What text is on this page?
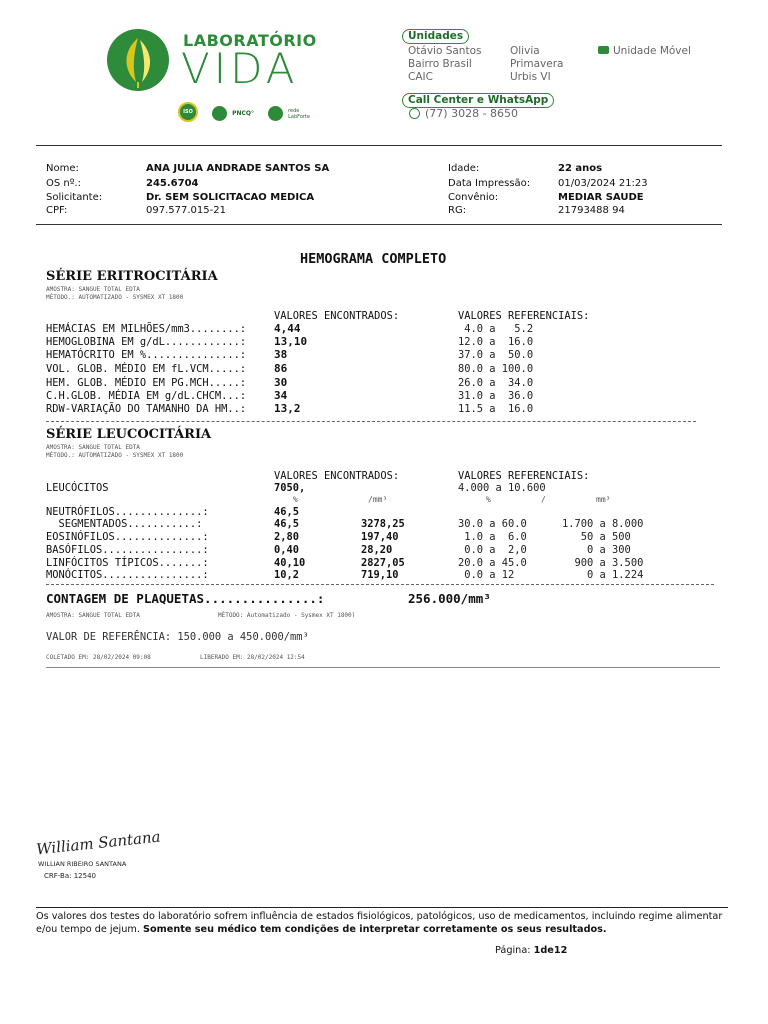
LABORATÓRIO
VIDA
ISO	PNCQ°	rede LabForte
Unidades
Otávio Santos
Bairro Brasil
CAIC
Olivia
Primavera
Urbis VI
Unidade Móvel
Call Center e WhatsApp
(77) 3028 - 8650
Nome:	ANA JULIA ANDRADE SANTOS SA
OS nº.:	245.6704
Solicitante:	Dr. SEM SOLICITACAO MEDICA
CPF:	097.577.015-21
Idade:	22 anos
Data Impressão:	01/03/2024 21:23
Convênio:	MEDIAR SAUDE
RG:	21793488 94
HEMOGRAMA COMPLETO
SÉRIE ERITROCITÁRIA
AMOSTRA: SANGUE TOTAL EDTA
MÉTODO.: AUTOMATIZADO - SYSMEX XT 1800
VALORES ENCONTRADOS:	VALORES REFERENCIAIS:
HEMÁCIAS EM MILHÕES/mm3........:	4,44	4.0 a   5.2
HEMOGLOBINA EM g/dL............:	13,10	12.0 a  16.0
HEMATÓCRITO EM %...............:	38	37.0 a  50.0
VOL. GLOB. MÉDIO EM fL.VCM.....:	86	80.0 a 100.0
HEM. GLOB. MÉDIO EM PG.MCH.....:	30	26.0 a  34.0
C.H.GLOB. MÉDIA EM g/dL.CHCM...:	34	31.0 a  36.0
RDW-VARIAÇÃO DO TAMANHO DA HM..:	13,2	11.5 a  16.0
SÉRIE LEUCOCITÁRIA
AMOSTRA: SANGUE TOTAL EDTA
MÉTODO.: AUTOMATIZADO - SYSMEX XT 1800
VALORES ENCONTRADOS:	VALORES REFERENCIAIS:
LEUCÓCITOS	7050,	4.000 a 10.600
%	/mm³	%	/	mm³
NEUTRÓFILOS..............:	46,5
SEGMENTADOS...........:	46,5	3278,25	30.0 a 60.0	1.700 a 8.000
EOSINÓFILOS..............:	2,80	197,40	1.0 a  6.0	50 a 500
BASÓFILOS................:	0,40	28,20	0.0 a  2,0	0 a 300
LINFÓCITOS TÍPICOS.......:	40,10	2827,05	20.0 a 45.0	900 a 3.500
MONÓCITOS................:	10,2	719,10	0.0 a 12	0 a 1.224
CONTAGEM DE PLAQUETAS...............:	256.000/mm³
AMOSTRA: SANGUE TOTAL EDTA	MÉTODO: Automatizado - Sysmex XT 1800)
VALOR DE REFERÊNCIA: 150.000 a 450.000/mm³
COLETADO EM: 28/02/2024 09:08	LIBERADO EM: 28/02/2024 12:54
William Santana
WILLIAN RIBEIRO SANTANA
CRF-Ba: 12540
Os valores dos testes do laboratório sofrem influência de estados fisiológicos, patológicos, uso de medicamentos, incluindo regime alimentar e/ou tempo de jejum. Somente seu médico tem condições de interpretar corretamente os seus resultados.
Página: 1de12
